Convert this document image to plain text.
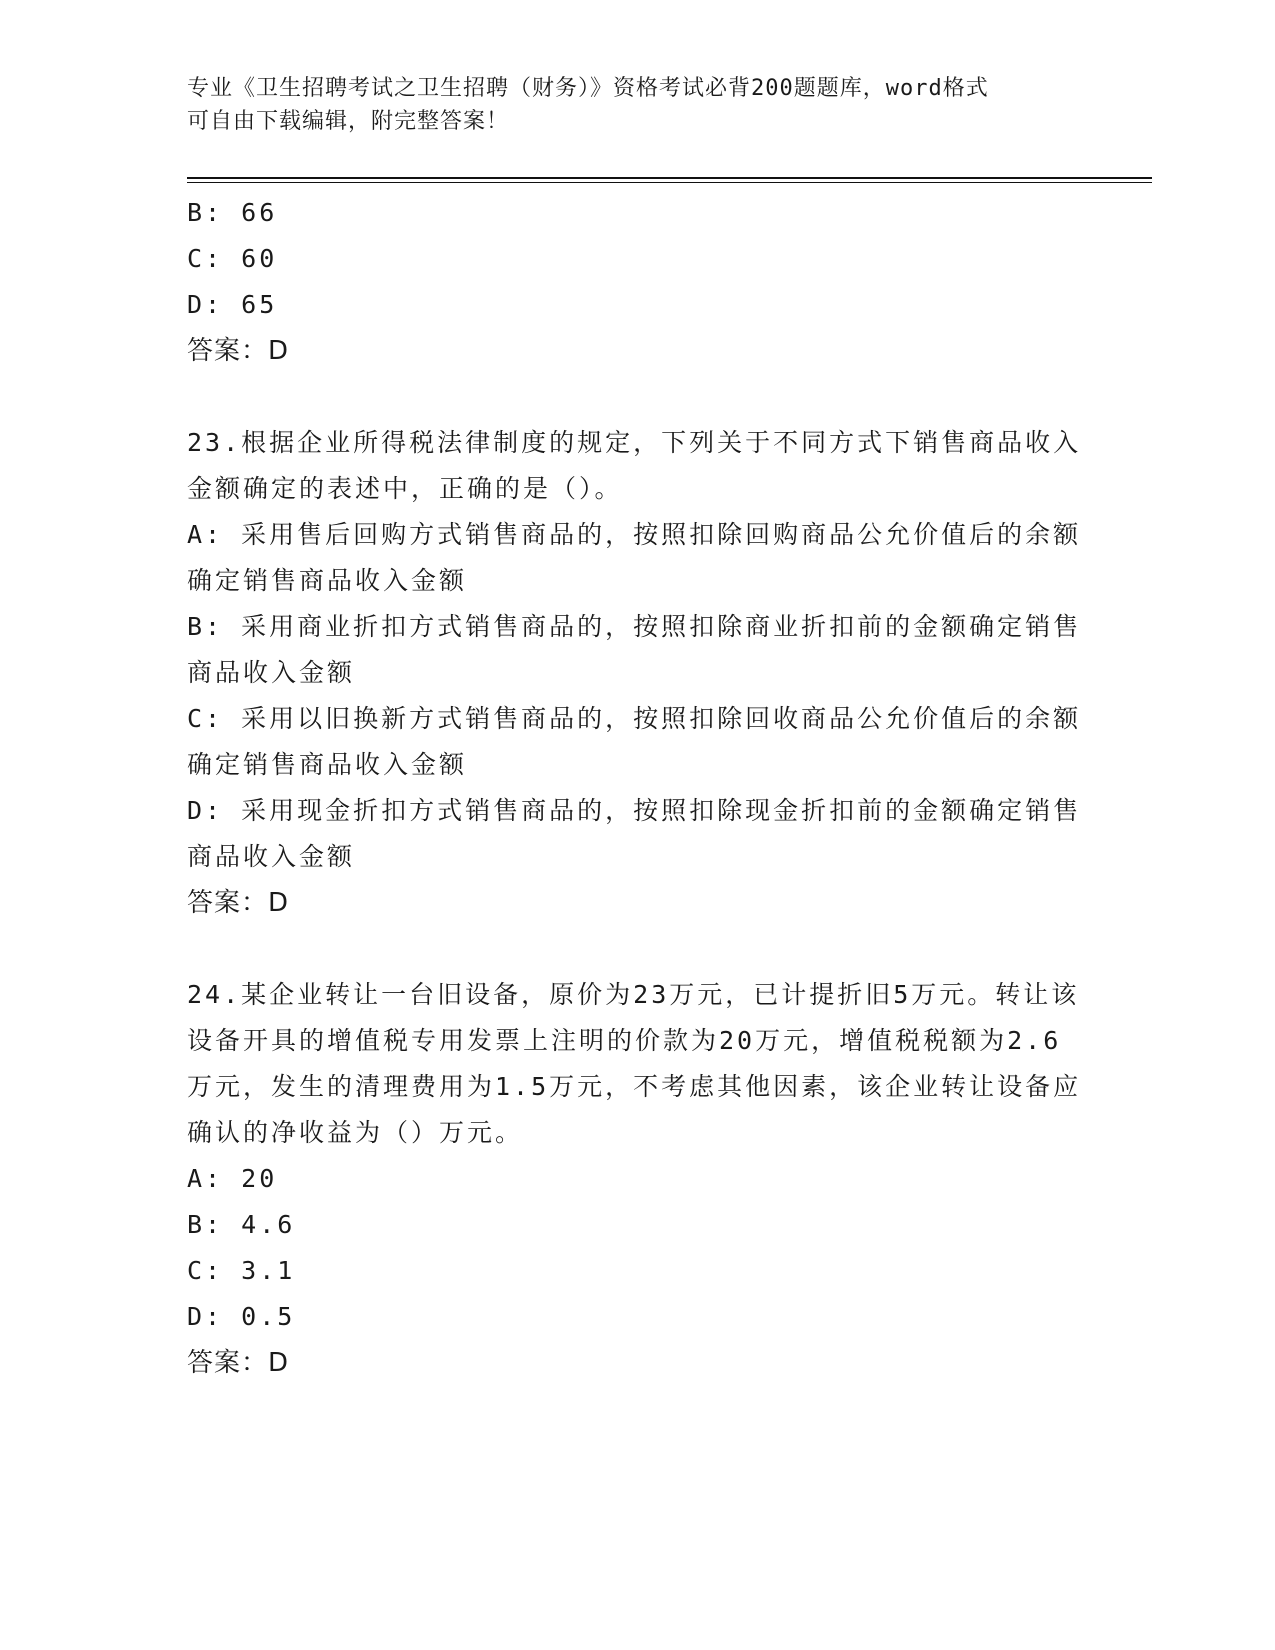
专业《卫生招聘考试之卫生招聘（财务）》资格考试必背200题题库，word格式
可自由下载编辑，附完整答案！

B: 66

C: 60

D: 65

答案：D

23.根据企业所得税法律制度的规定，下列关于不同方式下销售商品收入金额确定的表述中，正确的是（）。

A: 采用售后回购方式销售商品的，按照扣除回购商品公允价值后的余额确定销售商品收入金额

B: 采用商业折扣方式销售商品的，按照扣除商业折扣前的金额确定销售商品收入金额

C: 采用以旧换新方式销售商品的，按照扣除回收商品公允价值后的余额确定销售商品收入金额

D: 采用现金折扣方式销售商品的，按照扣除现金折扣前的金额确定销售商品收入金额

答案：D

24.某企业转让一台旧设备，原价为23万元，已计提折旧5万元。转让该设备开具的增值税专用发票上注明的价款为20万元，增值税税额为2.6万元，发生的清理费用为1.5万元，不考虑其他因素，该企业转让设备应确认的净收益为（）万元。

A: 20

B: 4.6

C: 3.1

D: 0.5

答案：D
